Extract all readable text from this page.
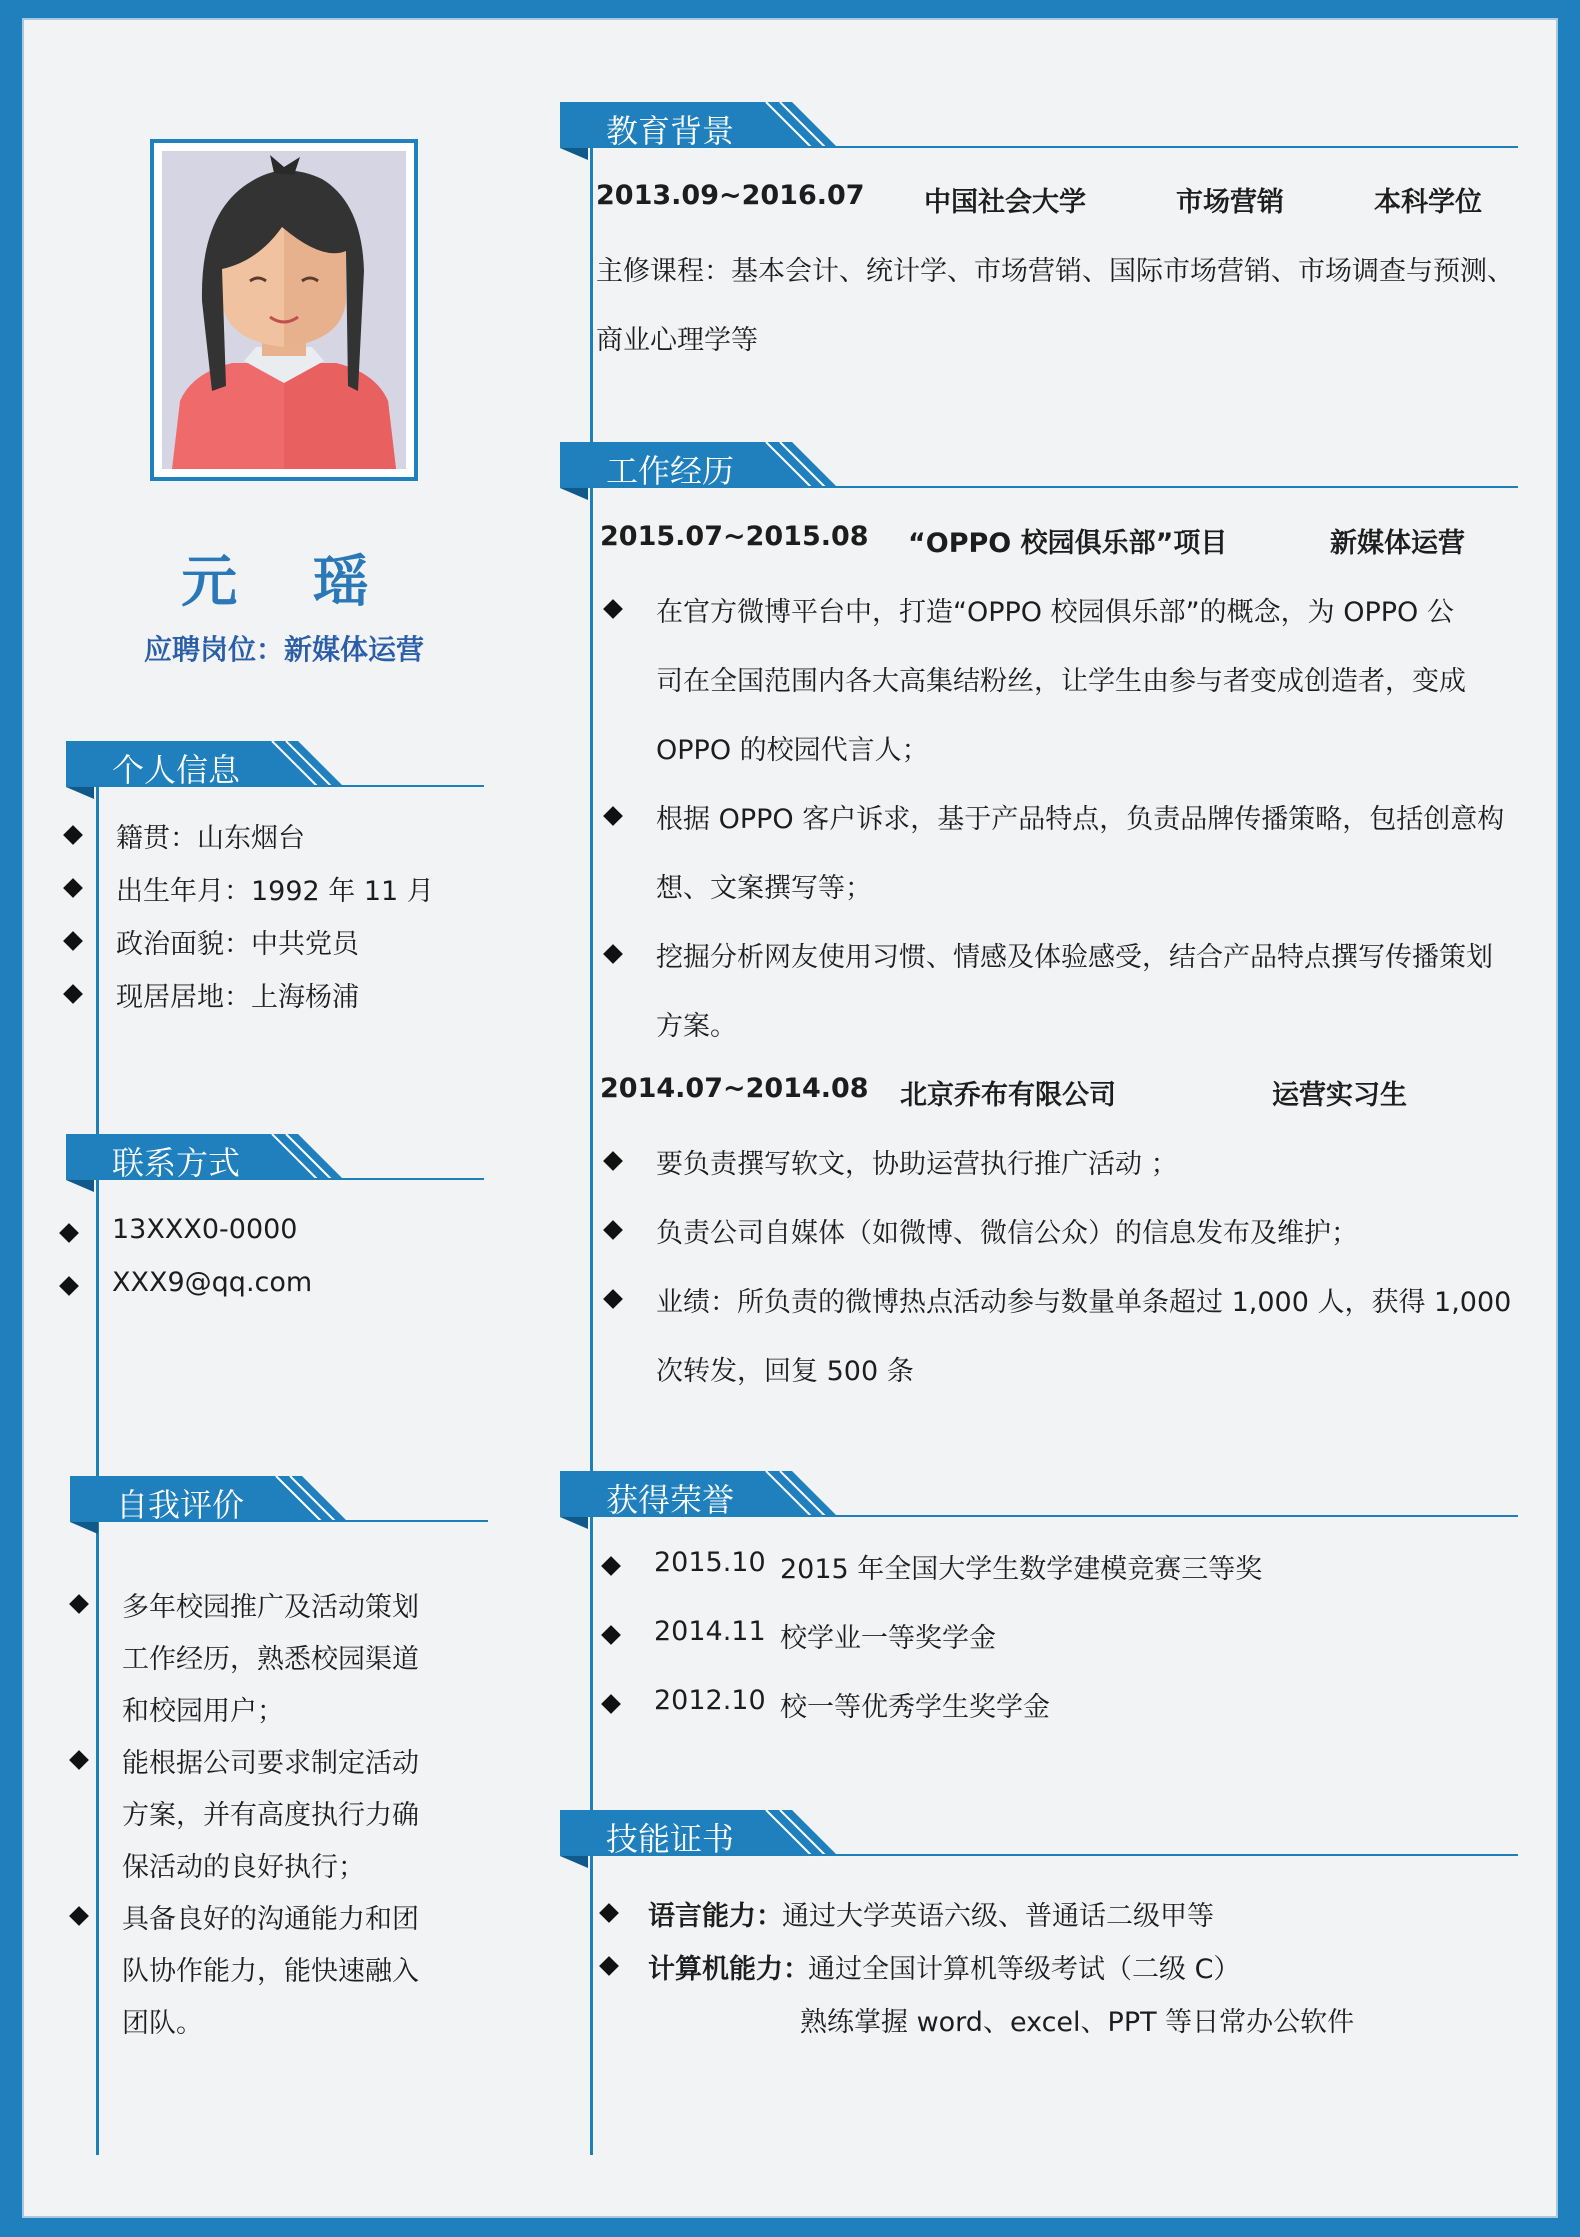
元 瑶
应聘岗位：新媒体运营
个人信息
籍贯：山东烟台
出生年月：1992 年 11 月
政治面貌：中共党员
现居居地：上海杨浦
联系方式
13XXX0-0000
XXX9@qq.com
自我评价
多年校园推广及活动策划
工作经历，熟悉校园渠道
和校园用户；
能根据公司要求制定活动
方案，并有高度执行力确
保活动的良好执行；
具备良好的沟通能力和团
队协作能力，能快速融入
团队。
教育背景
2013.09~2016.07 中国社会大学	市场营销	本科学位
主修课程：基本会计、统计学、市场营销、国际市场营销、市场调查与预测、
商业心理学等
工作经历
2015.07~2015.08 “OPPO 校园俱乐部”项目	新媒体运营
在官方微博平台中，打造“OPPO 校园俱乐部”的概念，为 OPPO 公
司在全国范围内各大高集结粉丝，让学生由参与者变成创造者，变成
OPPO 的校园代言人；
根据 OPPO 客户诉求，基于产品特点，负责品牌传播策略，包括创意构
想、文案撰写等；
挖掘分析网友使用习惯、情感及体验感受，结合产品特点撰写传播策划
方案。
2014.07~2014.08 北京乔布有限公司	运营实习生
要负责撰写软文，协助运营执行推广活动 ；
负责公司自媒体（如微博、微信公众）的信息发布及维护；
业绩：所负责的微博热点活动参与数量单条超过 1,000 人，获得 1,000
次转发，回复 500 条
获得荣誉
2015.10 2015 年全国大学生数学建模竞赛三等奖
2014.11 校学业一等奖学金
2012.10 校一等优秀学生奖学金
技能证书
语言能力： 通过大学英语六级、普通话二级甲等
计算机能力：
通过全国计算机等级考试（二级 C）
熟练掌握 word、excel、PPT 等日常办公软件
